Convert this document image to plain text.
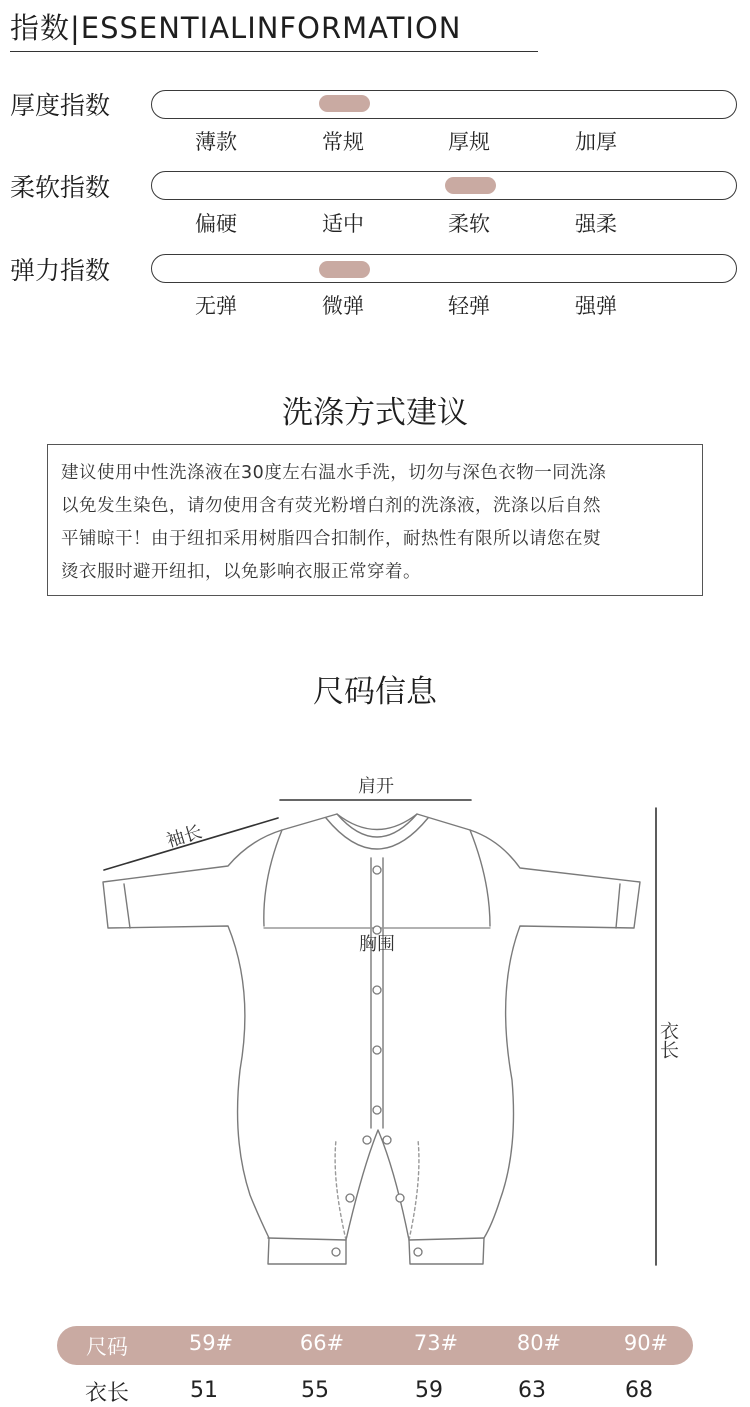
指数|ESSENTIALINFORMATION
厚度指数
薄款	常规	厚规	加厚
柔软指数
偏硬	适中	柔软	强柔
弹力指数
无弹	微弹	轻弹	强弹
洗涤方式建议
建议使用中性洗涤液在30度左右温水手洗，切勿与深色衣物一同洗涤
以免发生染色，请勿使用含有荧光粉增白剂的洗涤液，洗涤以后自然
平铺晾干！由于纽扣采用树脂四合扣制作，耐热性有限所以请您在熨
烫衣服时避开纽扣，以免影响衣服正常穿着。
尺码信息
肩开
袖长
胸围
衣长
尺码	59#	66#	73#	80#	90#
衣长	51	55	59	63	68
